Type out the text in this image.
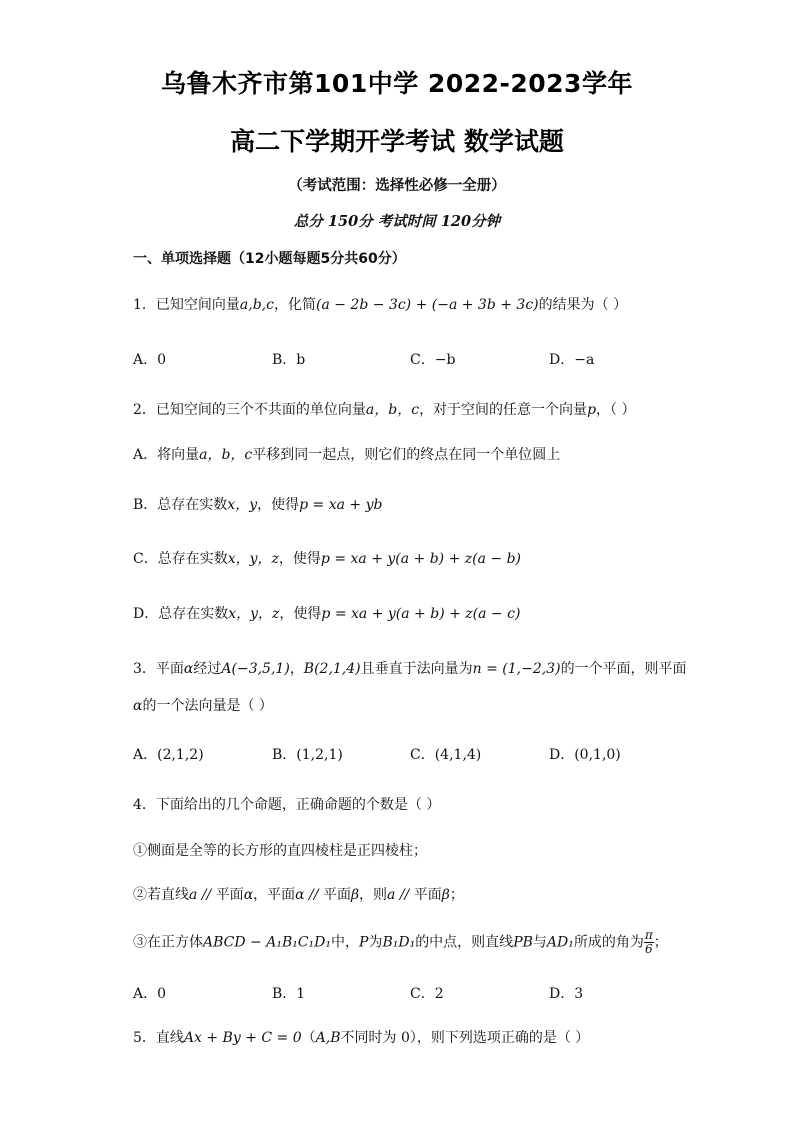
乌鲁木齐市第101中学 2022-2023学年
高二下学期开学考试 数学试题
（考试范围：选择性必修一全册）
总分 150分 考试时间 120分钟
一、单项选择题（12小题每题5分共60分）
1．已知空间向量a,b,c，化简(a − 2b − 3c) + (−a + 3b + 3c)的结果为（ ）
A．0	B．b	C．−b	D．−a
2．已知空间的三个不共面的单位向量a，b，c，对于空间的任意一个向量p，（ ）
A．将向量a，b，c平移到同一起点，则它们的终点在同一个单位圆上
B．总存在实数x，y，使得p = xa + yb
C．总存在实数x，y，z，使得p = xa + y(a + b) + z(a − b)
D．总存在实数x，y，z，使得p = xa + y(a + b) + z(a − c)
3．平面α经过A(−3,5,1)，B(2,1,4)且垂直于法向量为n = (1,−2,3)的一个平面，则平面
α的一个法向量是（ ）
A．(2,1,2)	B．(1,2,1)	C．(4,1,4)	D．(0,1,0)
4．下面给出的几个命题，正确命题的个数是（ ）
①侧面是全等的长方形的直四棱柱是正四棱柱；
②若直线a // 平面α，平面α // 平面β，则a // 平面β；
③在正方体ABCD − A₁B₁C₁D₁中，P为B₁D₁的中点，则直线PB与AD₁所成的角为 $\frac{\pi}{6}$ ；
A．0	B．1	C．2	D．3
5．直线Ax + By + C = 0（A,B不同时为 0），则下列选项正确的是（ ）
